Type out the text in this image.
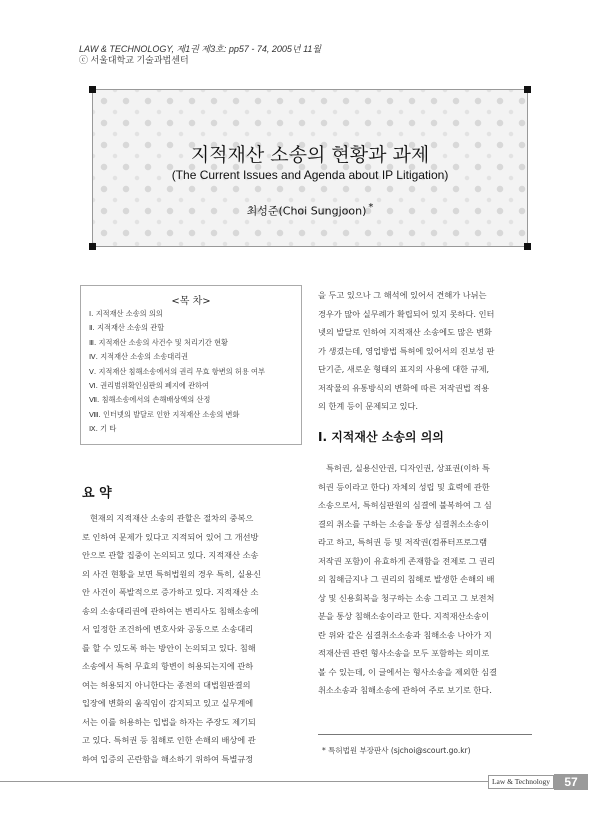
LAW & TECHNOLOGY, 제1권 제3호: pp57 - 74, 2005년 11월
ⓒ 서울대학교 기술과법센터
지적재산 소송의 현황과 과제
(The Current Issues and Agenda about IP Litigation)
최성준(Choi Sungjoon) *
<목 차>
Ⅰ. 지적재산 소송의 의의
Ⅱ. 지적재산 소송의 관할
Ⅲ. 지적재산 소송의 사건수 및 처리기간 현황
Ⅳ. 지적재산 소송의 소송대리권
Ⅴ. 지적재산 침해소송에서의 권리 무효 항변의 허용 여부
Ⅵ. 권리범위확인심판의 폐지에 관하여
Ⅶ. 침해소송에서의 손해배상액의 산정
Ⅷ. 인터넷의 발달로 인한 지적재산 소송의 변화
Ⅸ. 기 타
요 약
현재의 지적재산 소송의 관할은 절차의 중복으
로 인하여 문제가 있다고 지적되어 있어 그 개선방
안으로 관할 집중이 논의되고 있다. 지적재산 소송
의 사건 현황을 보면 특허법원의 경우 특히, 실용신
안 사건이 폭발적으로 증가하고 있다. 지적재산 소
송의 소송대리권에 관하여는 변리사도 침해소송에
서 일정한 조건하에 변호사와 공동으로 소송대리
를 할 수 있도록 하는 방안이 논의되고 있다. 침해
소송에서 특허 무효의 항변이 허용되는지에 관하
여는 허용되지 아니한다는 종전의 대법원판결의
입장에 변화의 움직임이 감지되고 있고 실무계에
서는 이를 허용하는 입법을 하자는 주장도 제기되
고 있다. 특허권 등 침해로 인한 손해의 배상에 관
하여 입증의 곤란함을 해소하기 위하여 특별규정
을 두고 있으나 그 해석에 있어서 견해가 나뉘는
경우가 많아 실무례가 확립되어 있지 못하다. 인터
넷의 발달로 인하여 지적재산 소송에도 많은 변화
가 생겼는데, 영업방법 특허에 있어서의 진보성 판
단기준, 새로운 형태의 표지의 사용에 대한 규제,
저작물의 유통방식의 변화에 따른 저작권법 적용
의 한계 등이 문제되고 있다.
Ⅰ. 지적재산 소송의 의의
특허권, 실용신안권, 디자인권, 상표권(이하 특
허권 등이라고 한다) 자체의 성립 및 효력에 관한
소송으로서, 특허심판원의 심결에 불복하여 그 심
결의 취소를 구하는 소송을 통상 심결취소소송이
라고 하고, 특허권 등 및 저작권(컴퓨터프로그램
저작권 포함)이 유효하게 존재함을 전제로 그 권리
의 침해금지나 그 권리의 침해로 발생한 손해의 배
상 및 신용회복을 청구하는 소송 그리고 그 보전처
분을 통상 침해소송이라고 한다. 지적재산소송이
란 위와 같은 심결취소소송과 침해소송 나아가 지
적재산권 관련 형사소송을 모두 포함하는 의미로
볼 수 있는데, 이 글에서는 형사소송을 제외한 심결
취소소송과 침해소송에 관하여 주로 보기로 한다.
* 특허법원 부장판사 (sjchoi@scourt.go.kr)
Law & Technology	57
